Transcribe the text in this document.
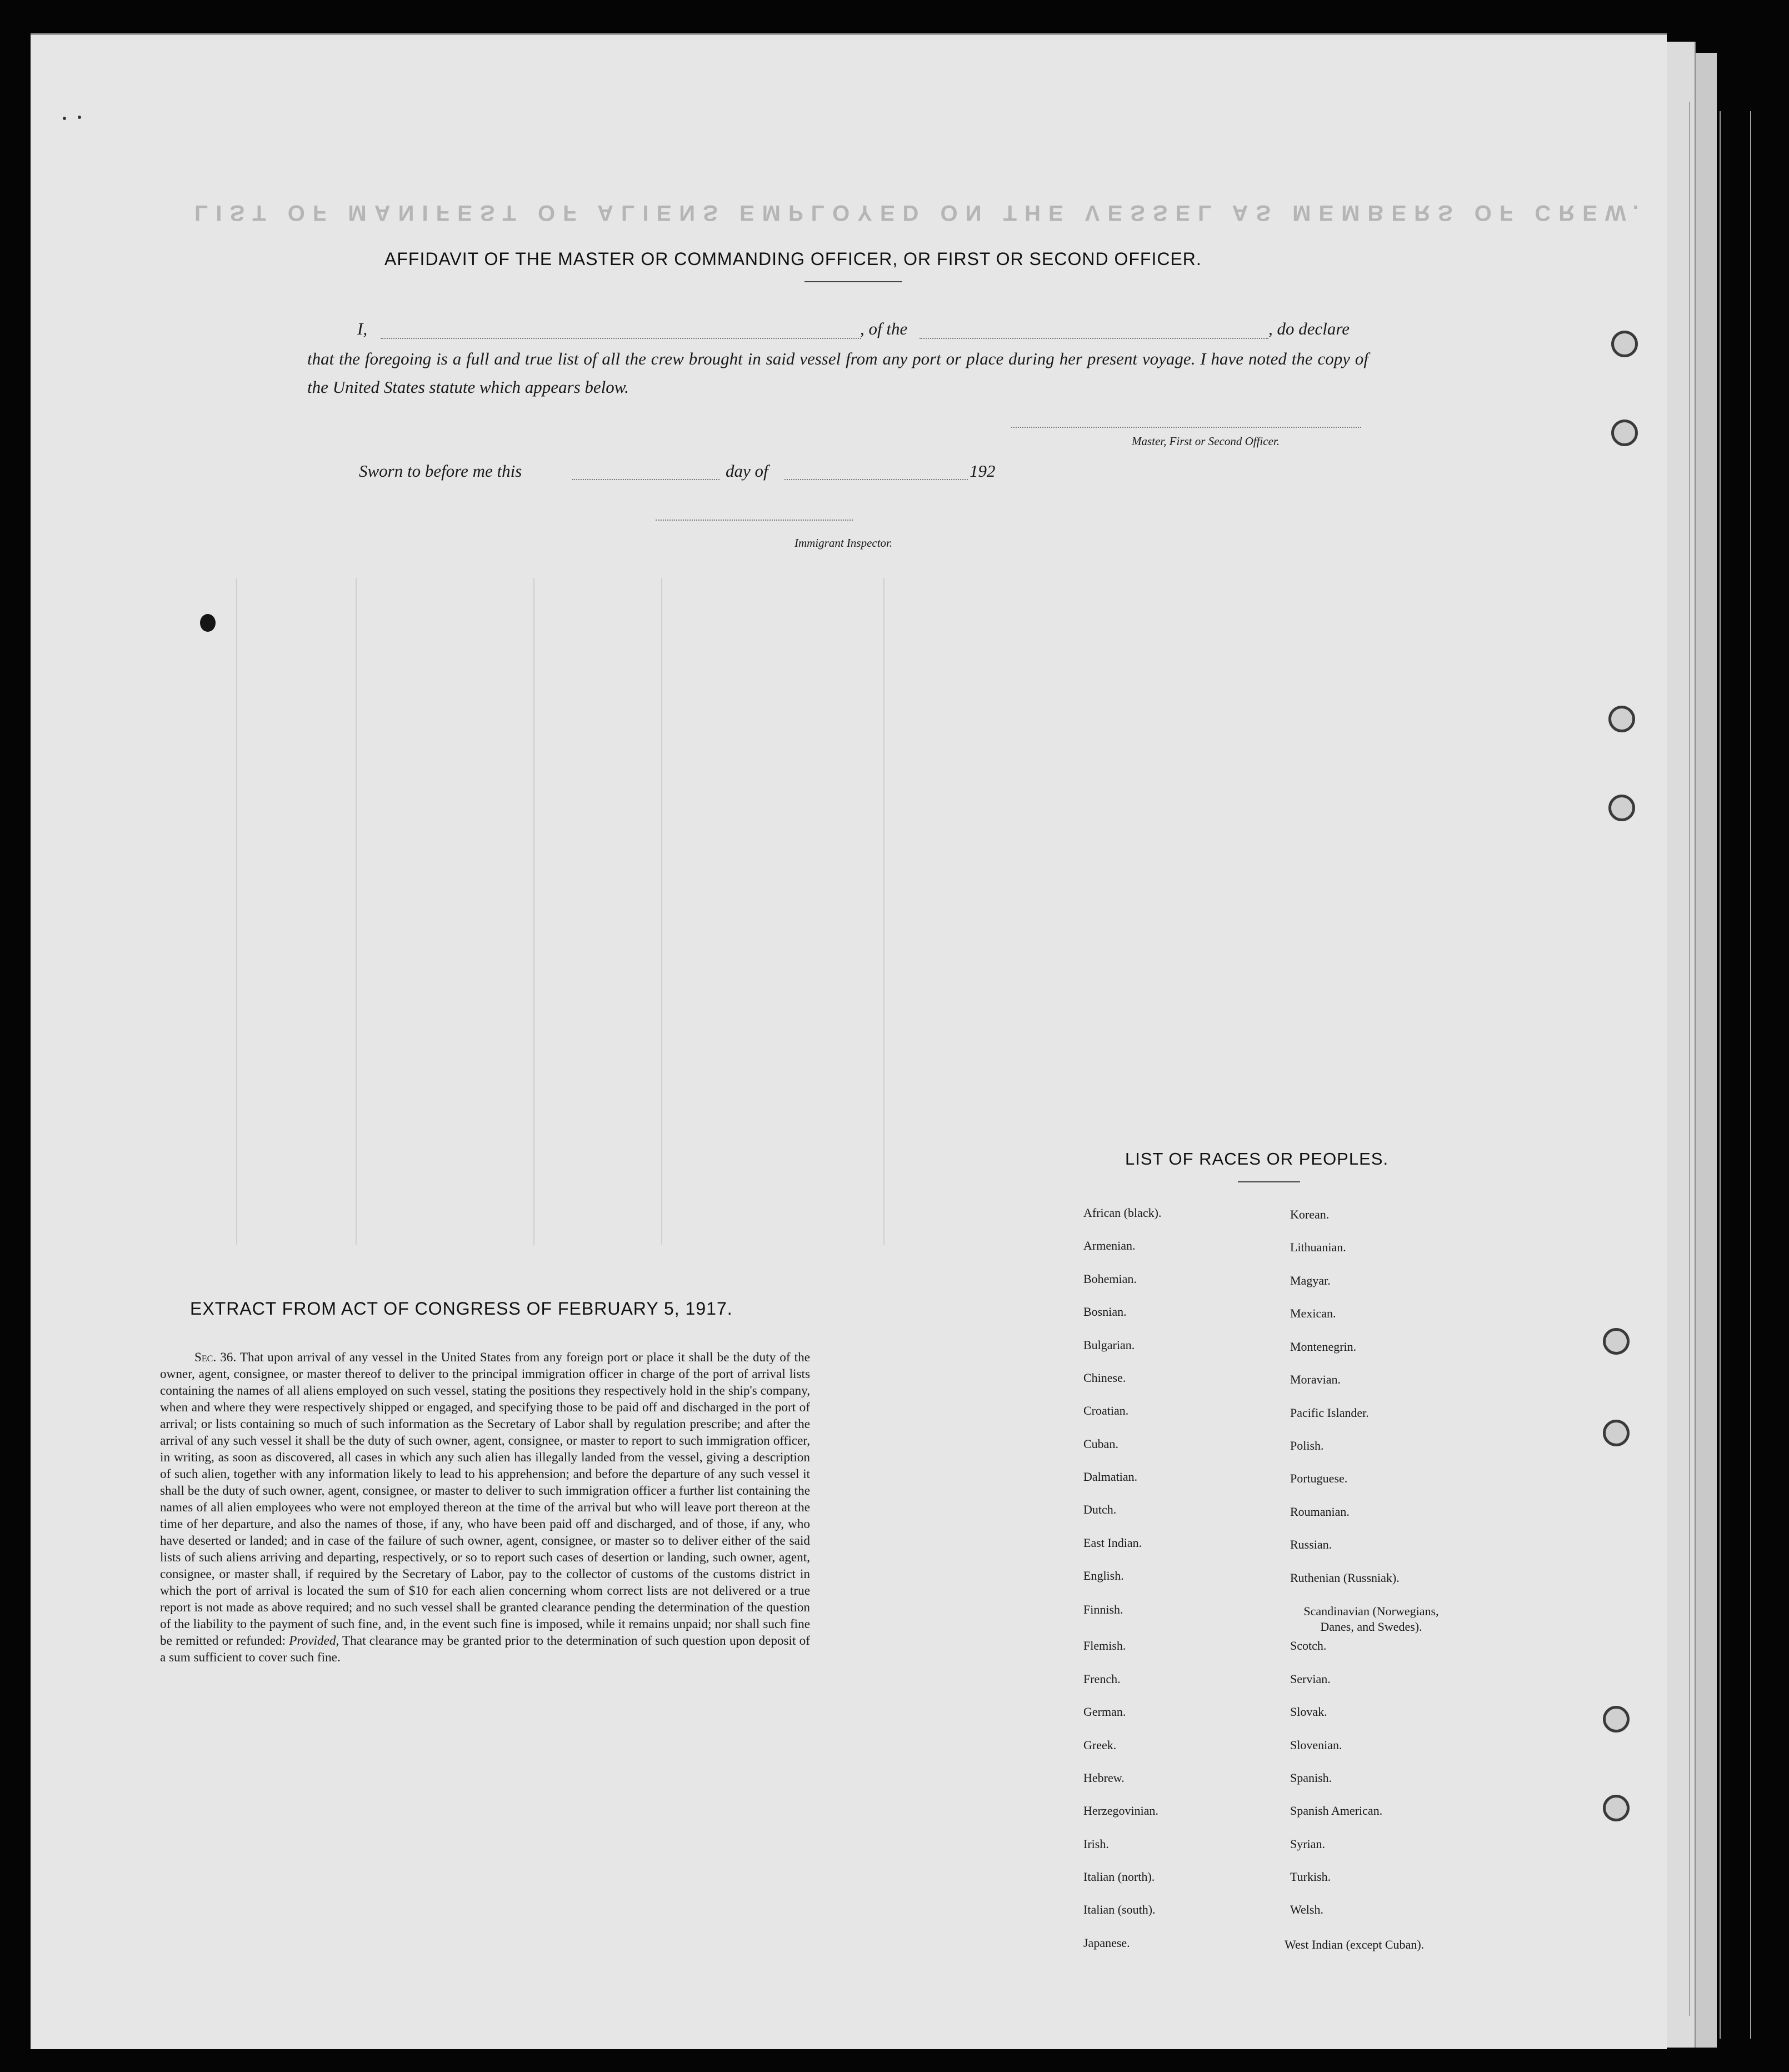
LIST OF MANIFEST OF ALIENS EMPLOYED ON THE VESSEL AS MEMBERS OF CREW.
AFFIDAVIT OF THE MASTER OR COMMANDING OFFICER, OR FIRST OR SECOND OFFICER.
I,	, of the	, do declare
that the foregoing is a full and true list of all the crew brought in said vessel from any port or place during her present voyage. I have noted the copy of the United States statute which appears below.
Master, First or Second Officer.
Sworn to before me this	day of	192
Immigrant Inspector.
EXTRACT FROM ACT OF CONGRESS OF FEBRUARY 5, 1917.
Sec. 36. That upon arrival of any vessel in the United States from any foreign port or place it shall be the duty of the owner, agent, consignee, or master thereof to deliver to the principal immigration officer in charge of the port of arrival lists containing the names of all aliens employed on such vessel, stating the positions they respectively hold in the ship's company, when and where they were respectively shipped or engaged, and specifying those to be paid off and discharged in the port of arrival; or lists containing so much of such information as the Secretary of Labor shall by regulation prescribe; and after the arrival of any such vessel it shall be the duty of such owner, agent, consignee, or master to report to such immigration officer, in writing, as soon as discovered, all cases in which any such alien has illegally landed from the vessel, giving a description of such alien, together with any information likely to lead to his apprehension; and before the departure of any such vessel it shall be the duty of such owner, agent, consignee, or master to deliver to such immigration officer a further list containing the names of all alien employees who were not employed thereon at the time of the arrival but who will leave port thereon at the time of her departure, and also the names of those, if any, who have been paid off and discharged, and of those, if any, who have deserted or landed; and in case of the failure of such owner, agent, consignee, or master so to deliver either of the said lists of such aliens arriving and departing, respectively, or so to report such cases of desertion or landing, such owner, agent, consignee, or master shall, if required by the Secretary of Labor, pay to the collector of customs of the customs district in which the port of arrival is located the sum of $10 for each alien concerning whom correct lists are not delivered or a true report is not made as above required; and no such vessel shall be granted clearance pending the determination of the question of the liability to the payment of such fine, and, in the event such fine is imposed, while it remains unpaid; nor shall such fine be remitted or refunded: Provided, That clearance may be granted prior to the determination of such question upon deposit of a sum sufficient to cover such fine.
LIST OF RACES OR PEOPLES.
African (black).
Armenian.
Bohemian.
Bosnian.
Bulgarian.
Chinese.
Croatian.
Cuban.
Dalmatian.
Dutch.
East Indian.
English.
Finnish.
Flemish.
French.
German.
Greek.
Hebrew.
Herzegovinian.
Irish.
Italian (north).
Italian (south).
Japanese.
Korean.
Lithuanian.
Magyar.
Mexican.
Montenegrin.
Moravian.
Pacific Islander.
Polish.
Portuguese.
Roumanian.
Russian.
Ruthenian (Russniak).
Scandinavian (Norwegians, Danes, and Swedes).
Scotch.
Servian.
Slovak.
Slovenian.
Spanish.
Spanish American.
Syrian.
Turkish.
Welsh.
West Indian (except Cuban).
